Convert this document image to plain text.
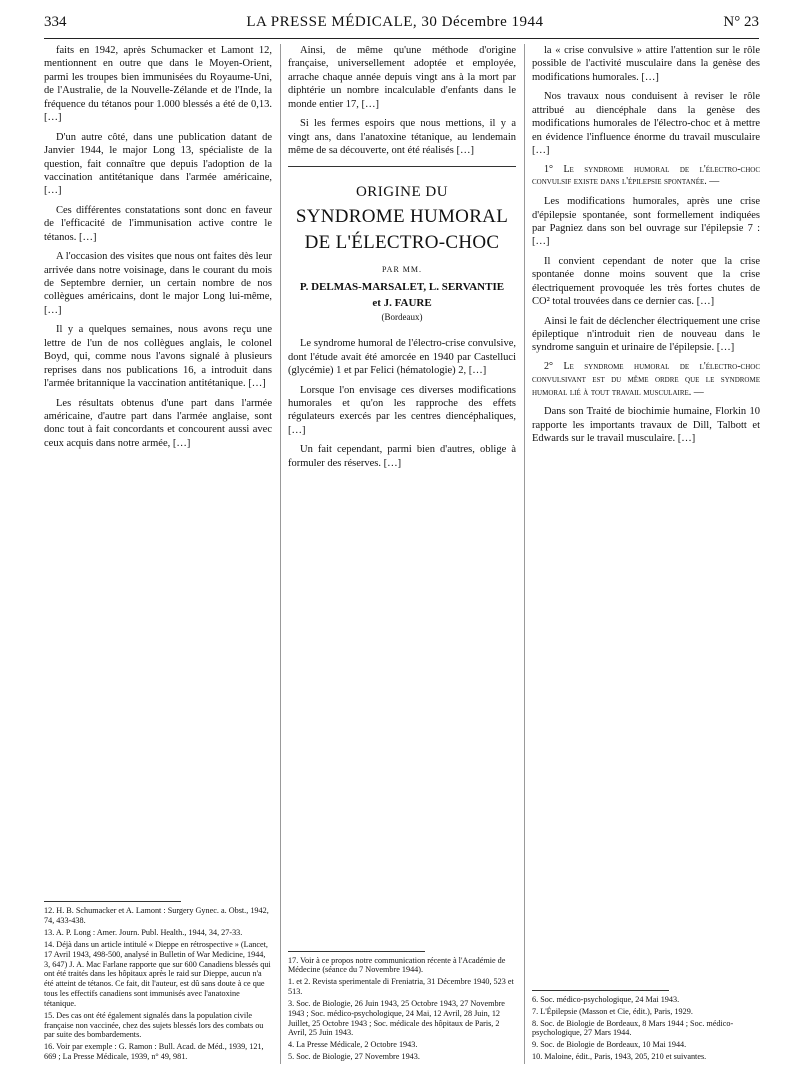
334	LA PRESSE MÉDICALE, 30 Décembre 1944	N° 23

faits en 1942, après Schumacker et Lamont 12, mentionnent en outre que dans le Moyen-Orient, parmi les troupes bien immunisées du Royaume-Uni, de l'Australie, de la Nouvelle-Zélande et de l'Inde, la fréquence du tétanos pour 1.000 blessés a été de 0,13. […]

D'un autre côté, dans une publication datant de Janvier 1944, le major Long 13, spécialiste de la question, fait connaître que depuis l'adoption de la vaccination antitétanique dans l'armée américaine, […]

Ces différentes constatations sont donc en faveur de l'efficacité de l'immunisation active contre le tétanos. […]

A l'occasion des visites que nous ont faites dès leur arrivée dans notre voisinage, dans le courant du mois de Septembre dernier, un certain nombre de nos collègues américains, dont le major Long lui-même, […]

Il y a quelques semaines, nous avons reçu une lettre de l'un de nos collègues anglais, le colonel Boyd, qui, comme nous l'avons signalé à plusieurs reprises dans nos publications 16, a introduit dans l'armée britannique la vaccination antitétanique. […]

Les résultats obtenus d'une part dans l'armée américaine, d'autre part dans l'armée anglaise, sont donc tout à fait concordants et concourent aussi avec ceux acquis dans notre armée, […]

12. H. B. Schumacker et A. Lamont : Surgery Gynec. a. Obst., 1942, 74, 433-438.

13. A. P. Long : Amer. Journ. Publ. Health., 1944, 34, 27-33.

14. Déjà dans un article intitulé « Dieppe en rétrospective » (Lancet, 17 Avril 1943, 498-500, analysé in Bulletin of War Medicine, 1944, 3, 647) J. A. Mac Farlane rapporte que sur 600 Canadiens blessés qui ont été traités dans les hôpitaux après le raid sur Dieppe, aucun n'a été atteint de tétanos. Ce fait, dit l'auteur, est dû sans doute à ce que tous les effectifs canadiens sont immunisés avec l'anatoxine tétanique.

15. Des cas ont été également signalés dans la population civile française non vaccinée, chez des sujets blessés lors des combats ou par suite des bombardements.

16. Voir par exemple : G. Ramon : Bull. Acad. de Méd., 1939, 121, 669 ; La Presse Médicale, 1939, n° 49, 981.

Ainsi, de même qu'une méthode d'origine française, universellement adoptée et employée, arrache chaque année depuis vingt ans à la mort par diphtérie un nombre incalculable d'enfants dans le monde entier 17, […]

Si les fermes espoirs que nous mettions, il y a vingt ans, dans l'anatoxine tétanique, au lendemain même de sa découverte, ont été réalisés […]

ORIGINE DU
SYNDROME HUMORAL
DE L'ÉLECTRO-CHOC
PAR MM.
P. DELMAS-MARSALET, L. SERVANTIE
et J. FAURE
(Bordeaux)

Le syndrome humoral de l'électro-crise convulsive, dont l'étude avait été amorcée en 1940 par Castelluci (glycémie) 1 et par Felici (hématologie) 2, […]

Lorsque l'on envisage ces diverses modifications humorales et qu'on les rapproche des effets régulateurs exercés par les centres diencéphaliques, […]

Un fait cependant, parmi bien d'autres, oblige à formuler des réserves. […]

17. Voir à ce propos notre communication récente à l'Académie de Médecine (séance du 7 Novembre 1944).

1. et 2. Revista sperimentale di Freniatria, 31 Décembre 1940, 523 et 513.

3. Soc. de Biologie, 26 Juin 1943, 25 Octobre 1943, 27 Novembre 1943 ; Soc. médico-psychologique, 24 Mai, 12 Avril, 28 Juin, 12 Juillet, 25 Octobre 1943 ; Soc. médicale des hôpitaux de Paris, 2 Avril, 25 Juin 1943.

4. La Presse Médicale, 2 Octobre 1943.

5. Soc. de Biologie, 27 Novembre 1943.

la « crise convulsive » attire l'attention sur le rôle possible de l'activité musculaire dans la genèse des modifications humorales. […]

Nos travaux nous conduisent à reviser le rôle attribué au diencéphale dans la genèse des modifications humorales de l'électro-choc et à mettre en évidence l'influence énorme du travail musculaire […]

1° Le syndrome humoral de l'électro-choc convulsif existe dans l'épilepsie spontanée. —

Les modifications humorales, après une crise d'épilepsie spontanée, sont formellement indiquées par Pagniez dans son bel ouvrage sur l'épilepsie 7 : […]

Il convient cependant de noter que la crise spontanée donne moins souvent que la crise électriquement provoquée les très fortes chutes de CO² total trouvées dans ce dernier cas. […]

Ainsi le fait de déclencher électriquement une crise épileptique n'introduit rien de nouveau dans le syndrome sanguin et urinaire de l'épilepsie. […]

2° Le syndrome humoral de l'électro-choc convulsivant est du même ordre que le syndrome humoral lié à tout travail musculaire. —

Dans son Traité de biochimie humaine, Florkin 10 rapporte les importants travaux de Dill, Talbott et Edwards sur le travail musculaire. […]

6. Soc. médico-psychologique, 24 Mai 1943.

7. L'Épilepsie (Masson et Cie, édit.), Paris, 1929.

8. Soc. de Biologie de Bordeaux, 8 Mars 1944 ; Soc. médico-psychologique, 27 Mars 1944.

9. Soc. de Biologie de Bordeaux, 10 Mai 1944.

10. Maloine, édit., Paris, 1943, 205, 210 et suivantes.
